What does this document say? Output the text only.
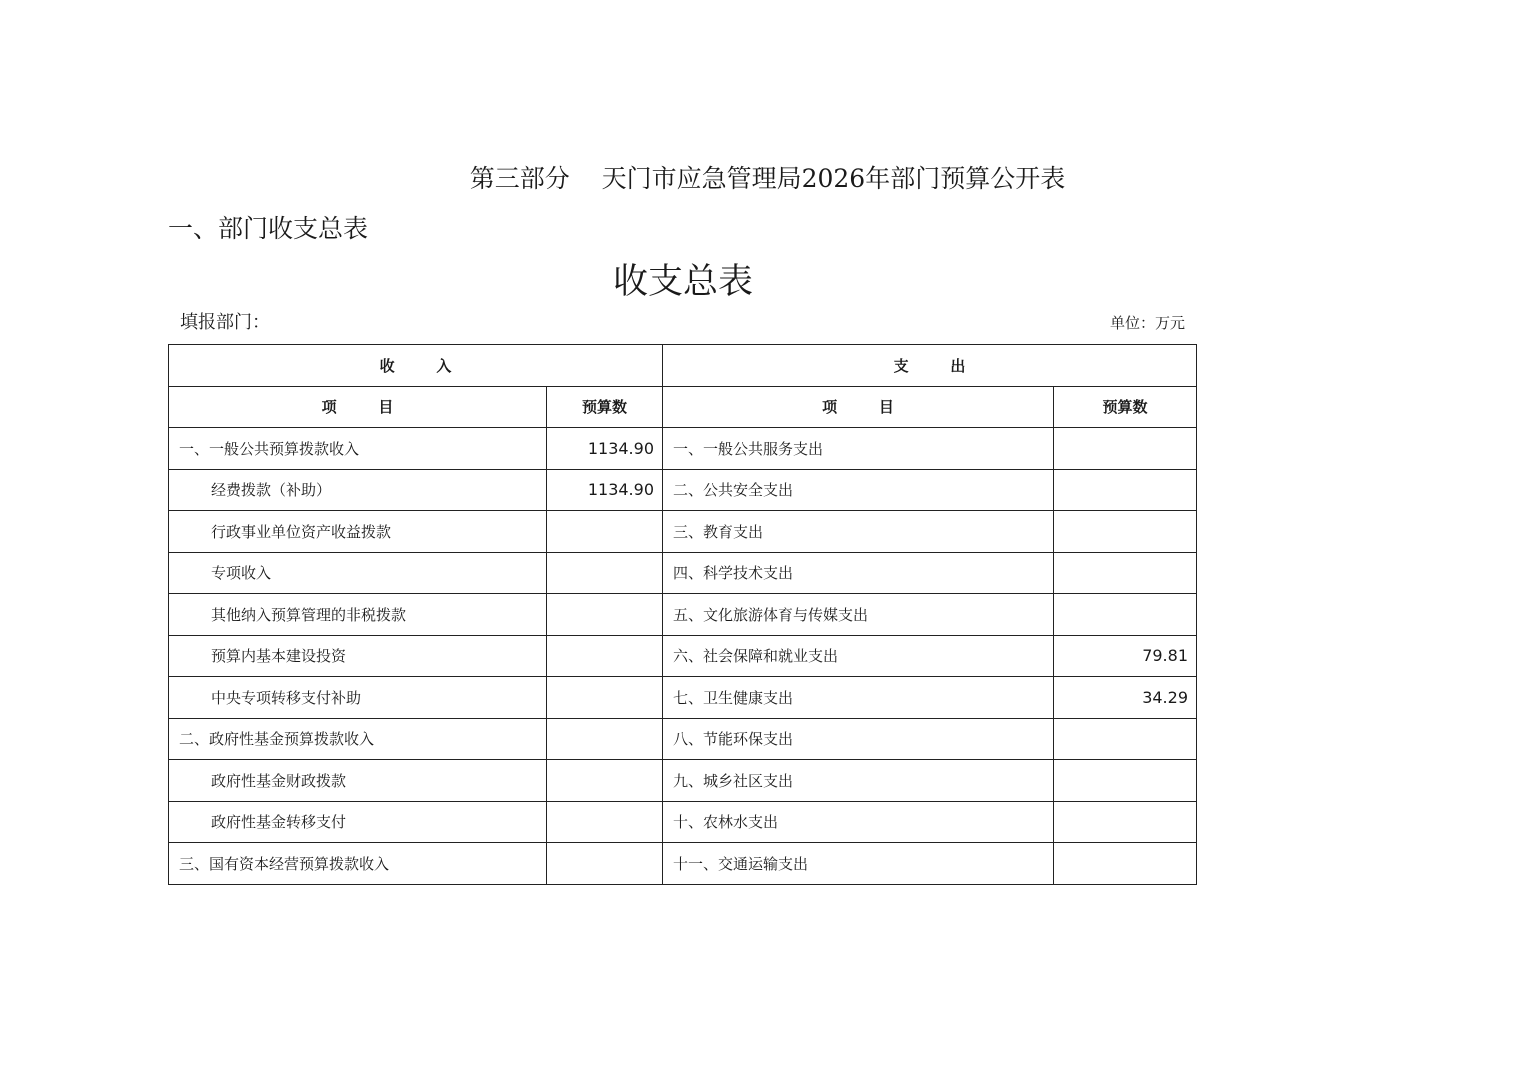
第三部分    天门市应急管理局2026年部门预算公开表
一、部门收支总表
收支总表
填报部门：	单位：万元
收        入		支        出	
项        目	预算数	项        目	预算数
一、一般公共预算拨款收入	1134.90	一、一般公共服务支出	
经费拨款（补助）	1134.90	二、公共安全支出	
行政事业单位资产收益拨款		三、教育支出	
专项收入		四、科学技术支出	
其他纳入预算管理的非税拨款		五、文化旅游体育与传媒支出	
预算内基本建设投资		六、社会保障和就业支出	79.81
中央专项转移支付补助		七、卫生健康支出	34.29
二、政府性基金预算拨款收入		八、节能环保支出	
政府性基金财政拨款		九、城乡社区支出	
政府性基金转移支付		十、农林水支出	
三、国有资本经营预算拨款收入		十一、交通运输支出	
